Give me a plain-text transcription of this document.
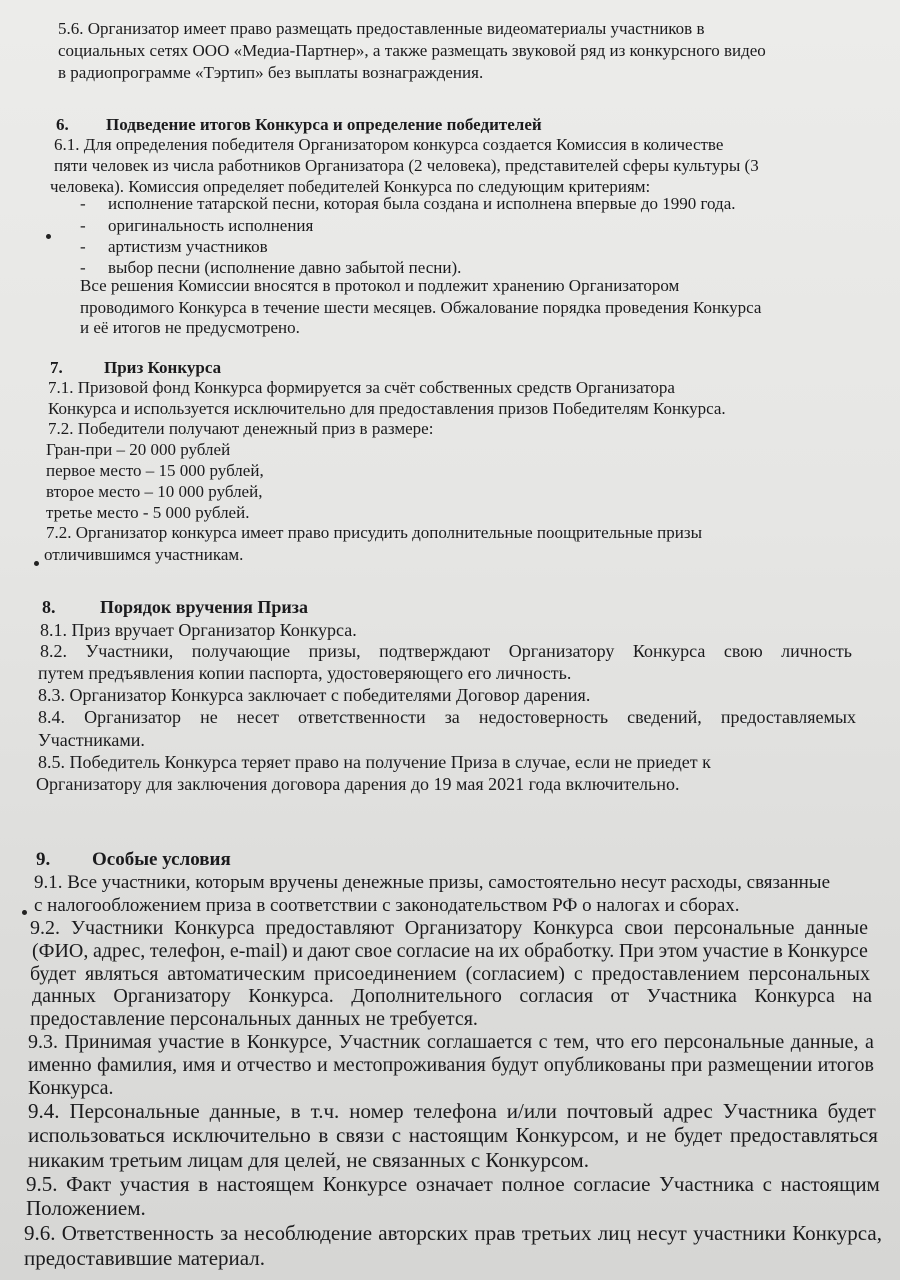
5.6. Организатор имеет право размещать предоставленные видеоматериалы участников в
социальных сетях ООО «Медиа-Партнер», а также размещать звуковой ряд из конкурсного видео
в радиопрограмме «Тэртип» без выплаты вознаграждения.
6. Подведение итогов Конкурса и определение победителей
6.1. Для определения победителя Организатором конкурса создается Комиссия в количестве
пяти человек из числа работников Организатора (2 человека), представителей сферы культуры (3
человека). Комиссия определяет победителей Конкурса по следующим критериям:
- исполнение татарской песни, которая была создана и исполнена впервые до 1990 года.
- оригинальность исполнения
- артистизм участников
- выбор песни (исполнение давно забытой песни).
Все решения Комиссии вносятся в протокол и подлежит хранению Организатором
проводимого Конкурса в течение шести месяцев. Обжалование порядка проведения Конкурса
и её итогов не предусмотрено.
7. Приз Конкурса
7.1. Призовой фонд Конкурса формируется за счёт собственных средств Организатора
Конкурса и используется исключительно для предоставления призов Победителям Конкурса.
7.2. Победители получают денежный приз в размере:
Гран-при – 20 000 рублей
первое место – 15 000 рублей,
второе место – 10 000 рублей,
третье место - 5 000 рублей.
7.2. Организатор конкурса имеет право присудить дополнительные поощрительные призы
отличившимся участникам.
8. Порядок вручения Приза
8.1. Приз вручает Организатор Конкурса.
8.2. Участники, получающие призы, подтверждают Организатору Конкурса свою личность
путем предъявления копии паспорта, удостоверяющего его личность.
8.3. Организатор Конкурса заключает с победителями Договор дарения.
8.4. Организатор не несет ответственности за недостоверность сведений, предоставляемых
Участниками.
8.5. Победитель Конкурса теряет право на получение Приза в случае, если не приедет к
Организатору для заключения договора дарения до 19 мая 2021 года включительно.
9. Особые условия
9.1. Все участники, которым вручены денежные призы, самостоятельно несут расходы, связанные
с налогообложением приза в соответствии с законодательством РФ о налогах и сборах.
9.2. Участники Конкурса предоставляют Организатору Конкурса свои персональные данные
(ФИО, адрес, телефон, e-mail) и дают свое согласие на их обработку. При этом участие в Конкурсе
будет являться автоматическим присоединением (согласием) с предоставлением персональных
данных Организатору Конкурса. Дополнительного согласия от Участника Конкурса на
предоставление персональных данных не требуется.
9.3. Принимая участие в Конкурсе, Участник соглашается с тем, что его персональные данные, а
именно фамилия, имя и отчество и местопроживания будут опубликованы при размещении итогов
Конкурса.
9.4. Персональные данные, в т.ч. номер телефона и/или почтовый адрес Участника будет
использоваться исключительно в связи с настоящим Конкурсом, и не будет предоставляться
никаким третьим лицам для целей, не связанных с Конкурсом.
9.5. Факт участия в настоящем Конкурсе означает полное согласие Участника с настоящим
Положением.
9.6. Ответственность за несоблюдение авторских прав третьих лиц несут участники Конкурса,
предоставившие материал.
